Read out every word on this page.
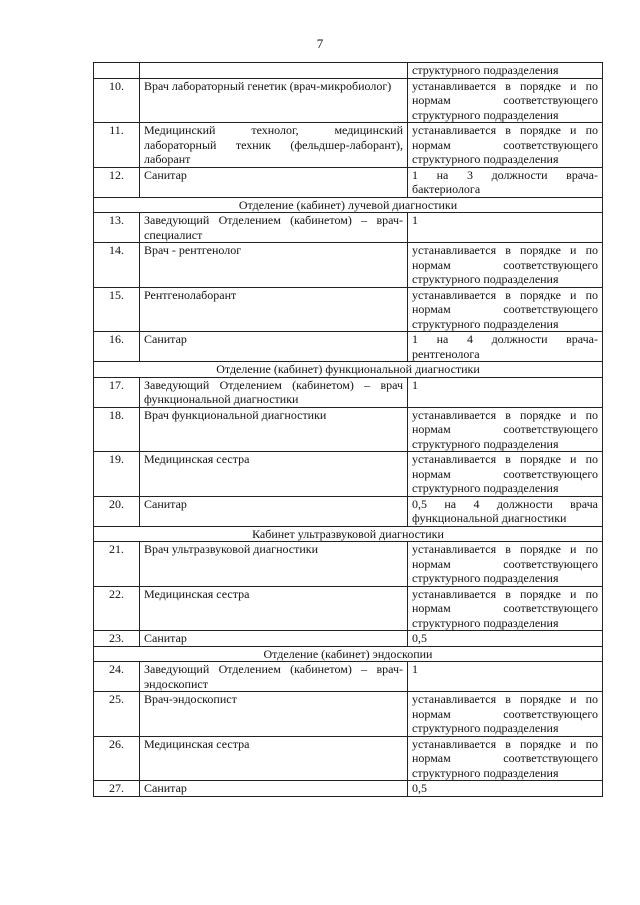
7
		структурного подразделения
10.	Врач лабораторный генетик (врач-микробиолог)	устанавливается в порядке и по нормам соответствующего структурного подразделения
11.	Медицинский технолог, медицинский лабораторный техник (фельдшер-лаборант), лаборант	устанавливается в порядке и по нормам соответствующего структурного подразделения
12.	Санитар	1 на 3 должности врача-бактериолога
Отделение (кабинет) лучевой диагностики		
13.	Заведующий Отделением (кабинетом) – врач-специалист	1
14.	Врач - рентгенолог	устанавливается в порядке и по нормам соответствующего структурного подразделения
15.	Рентгенолаборант	устанавливается в порядке и по нормам соответствующего структурного подразделения
16.	Санитар	1 на 4 должности врача-рентгенолога
Отделение (кабинет) функциональной диагностики		
17.	Заведующий Отделением (кабинетом) – врач функциональной диагностики	1
18.	Врач функциональной диагностики	устанавливается в порядке и по нормам соответствующего структурного подразделения
19.	Медицинская сестра	устанавливается в порядке и по нормам соответствующего структурного подразделения
20.	Санитар	0,5 на 4 должности врача функциональной диагностики
Кабинет ультразвуковой диагностики		
21.	Врач ультразвуковой диагностики	устанавливается в порядке и по нормам соответствующего структурного подразделения
22.	Медицинская сестра	устанавливается в порядке и по нормам соответствующего структурного подразделения
23.	Санитар	0,5
Отделение (кабинет) эндоскопии		
24.	Заведующий Отделением (кабинетом) – врач-эндоскопист	1
25.	Врач-эндоскопист	устанавливается в порядке и по нормам соответствующего структурного подразделения
26.	Медицинская сестра	устанавливается в порядке и по нормам соответствующего структурного подразделения
27.	Санитар	0,5
